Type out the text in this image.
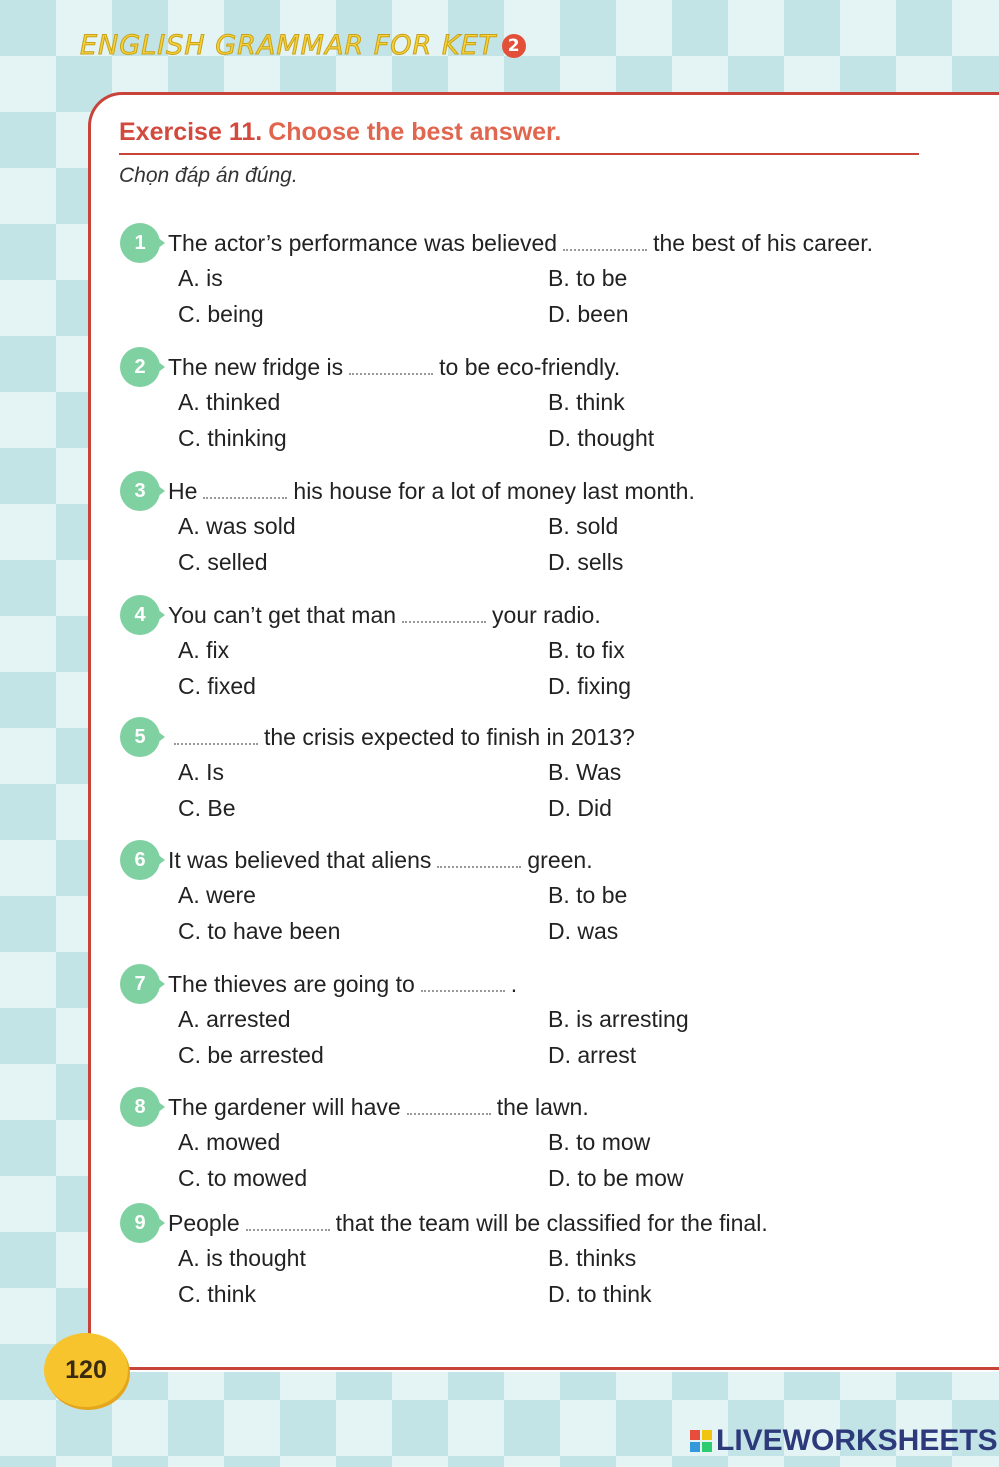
ENGLISH GRAMMAR FOR KET 2
Exercise 11. Choose the best answer.
Chọn đáp án đúng.
1 The actor’s performance was believed	the best of his career.
A. is	B. to be
C. being	D. been
2 The new fridge is	to be eco-friendly.
A. thinked	B. think
C. thinking	D. thought
3 He	his house for a lot of money last month.
A. was sold	B. sold
C. selled	D. sells
4 You can’t get that man	your radio.
A. fix	B. to fix
C. fixed	D. fixing
5	the crisis expected to finish in 2013?
A. Is	B. Was
C. Be	D. Did
6 It was believed that aliens	green.
A. were	B. to be
C. to have been	D. was
7 The thieves are going to	.
A. arrested	B. is arresting
C. be arrested	D. arrest
8 The gardener will have	the lawn.
A. mowed	B. to mow
C. to mowed	D. to be mow
9 People	that the team will be classified for the final.
A. is thought	B. thinks
C. think	D. to think
120
LIVEWORKSHEETS
